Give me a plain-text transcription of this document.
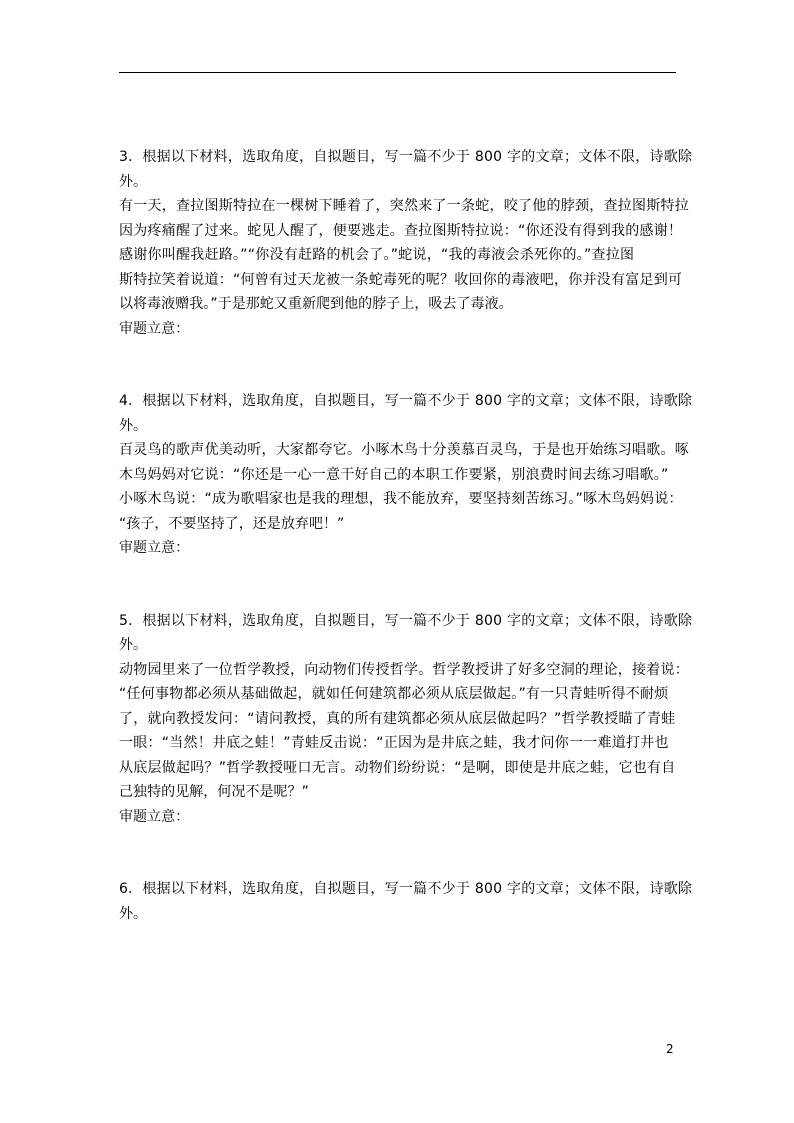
3．根据以下材料，选取角度，自拟题目，写一篇不少于 800 字的文章；文体不限，诗歌除
外。
有一天，查拉图斯特拉在一棵树下睡着了，突然来了一条蛇，咬了他的脖颈，查拉图斯特拉
因为疼痛醒了过来。蛇见人醒了，便要逃走。查拉图斯特拉说：“你还没有得到我的感谢！
感谢你叫醒我赶路。”“你没有赶路的机会了。”蛇说，“我的毒液会杀死你的。”查拉图
斯特拉笑着说道：“何曾有过天龙被一条蛇毒死的呢？收回你的毒液吧，你并没有富足到可
以将毒液赠我。”于是那蛇又重新爬到他的脖子上，吸去了毒液。
审题立意：
4．根据以下材料，选取角度，自拟题目，写一篇不少于 800 字的文章；文体不限，诗歌除
外。
百灵鸟的歌声优美动听，大家都夸它。小啄木鸟十分羡慕百灵鸟，于是也开始练习唱歌。啄
木鸟妈妈对它说：“你还是一心一意干好自己的本职工作要紧，别浪费时间去练习唱歌。”
小啄木鸟说：“成为歌唱家也是我的理想，我不能放弃，要坚持刻苦练习。”啄木鸟妈妈说：
“孩子，不要坚持了，还是放弃吧！”
审题立意：
5．根据以下材料，选取角度，自拟题目，写一篇不少于 800 字的文章；文体不限，诗歌除
外。
动物园里来了一位哲学教授，向动物们传授哲学。哲学教授讲了好多空洞的理论，接着说：
“任何事物都必须从基础做起，就如任何建筑都必须从底层做起。”有一只青蛙听得不耐烦
了，就向教授发问：“请问教授，真的所有建筑都必须从底层做起吗？”哲学教授瞄了青蛙
一眼：“当然！井底之蛙！”青蛙反击说：“正因为是井底之蛙，我才问你一一难道打井也
从底层做起吗？”哲学教授哑口无言。动物们纷纷说：“是啊，即使是井底之蛙，它也有自
己独特的见解，何况不是呢？”
审题立意：
6．根据以下材料，选取角度，自拟题目，写一篇不少于 800 字的文章；文体不限，诗歌除
外。
2
